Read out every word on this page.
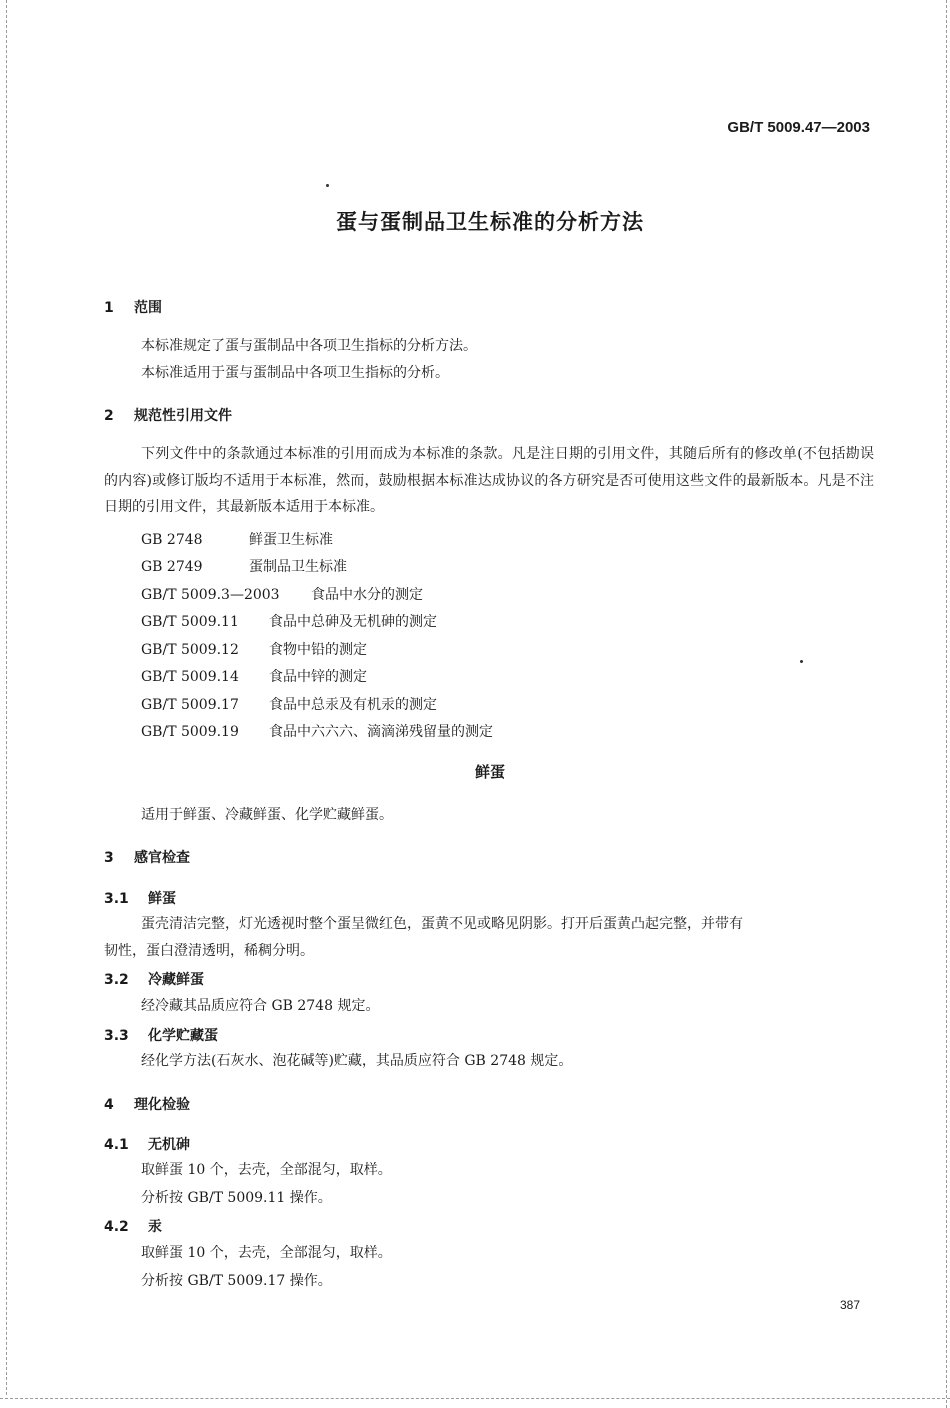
GB/T 5009.47—2003
蛋与蛋制品卫生标准的分析方法
1 范围
本标准规定了蛋与蛋制品中各项卫生指标的分析方法。
本标准适用于蛋与蛋制品中各项卫生指标的分析。
2 规范性引用文件
下列文件中的条款通过本标准的引用而成为本标准的条款。凡是注日期的引用文件，其随后所有的修改单(不包括勘误的内容)或修订版均不适用于本标准，然而，鼓励根据本标准达成协议的各方研究是否可使用这些文件的最新版本。凡是不注日期的引用文件，其最新版本适用于本标准。
GB 2748	鲜蛋卫生标准
GB 2749	蛋制品卫生标准
GB/T 5009.3—2003 食品中水分的测定
GB/T 5009.11 食品中总砷及无机砷的测定
GB/T 5009.12 食物中铅的测定
GB/T 5009.14 食品中锌的测定
GB/T 5009.17 食品中总汞及有机汞的测定
GB/T 5009.19 食品中六六六、滴滴涕残留量的测定
鲜蛋
适用于鲜蛋、冷藏鲜蛋、化学贮藏鲜蛋。
3 感官检查
3.1 鲜蛋
蛋壳清洁完整，灯光透视时整个蛋呈微红色，蛋黄不见或略见阴影。打开后蛋黄凸起完整，并带有
韧性，蛋白澄清透明，稀稠分明。
3.2 冷藏鲜蛋
经冷藏其品质应符合 GB 2748 规定。
3.3 化学贮藏蛋
经化学方法(石灰水、泡花碱等)贮藏，其品质应符合 GB 2748 规定。
4 理化检验
4.1 无机砷
取鲜蛋 10 个，去壳，全部混匀，取样。
分析按 GB/T 5009.11 操作。
4.2 汞
取鲜蛋 10 个，去壳，全部混匀，取样。
分析按 GB/T 5009.17 操作。
387
